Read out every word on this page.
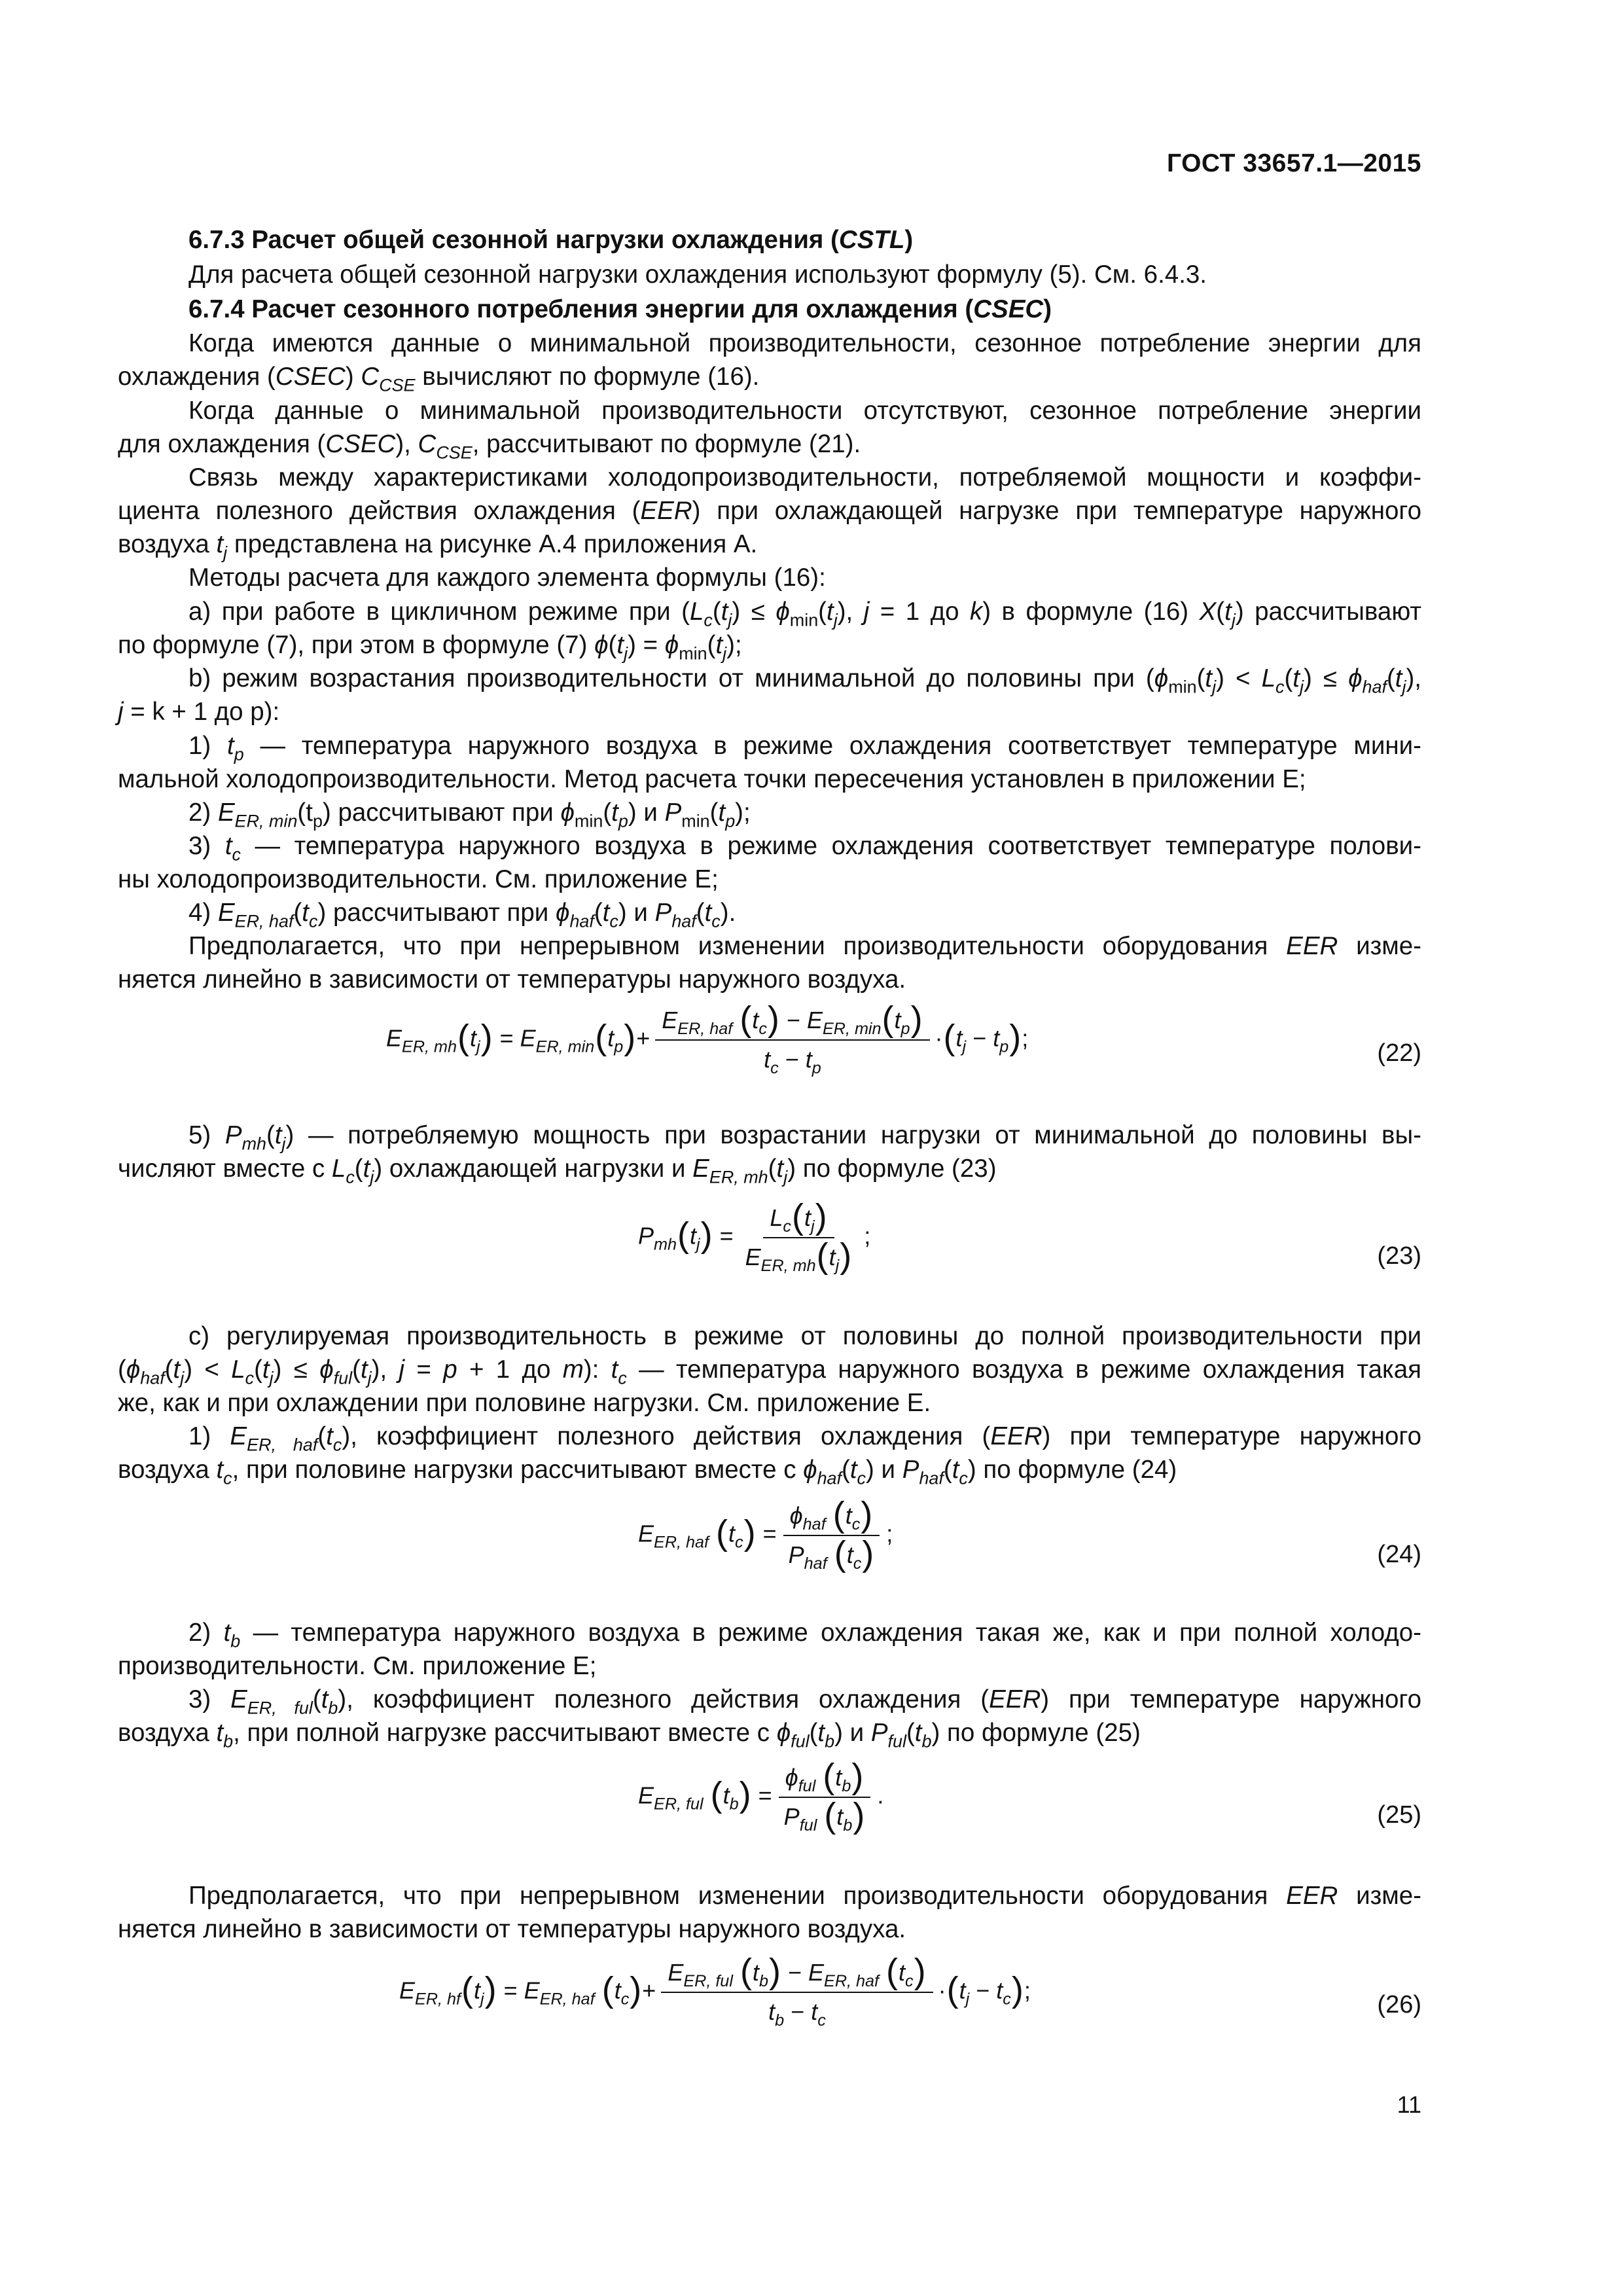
ГОСТ 33657.1—2015
6.7.3 Расчет общей сезонной нагрузки охлаждения (CSTL)
Для расчета общей сезонной нагрузки охлаждения используют формулу (5). См. 6.4.3.
6.7.4 Расчет сезонного потребления энергии для охлаждения (CSEC)
Когда имеются данные о минимальной производительности, сезонное потребление энергии для
охлаждения (CSEC) $C_{CSE}$ вычисляют по формуле (16).
Когда данные о минимальной производительности отсутствуют, сезонное потребление энергии
для охлаждения (CSEC), $C_{CSE}$, рассчитывают по формуле (21).
Связь между характеристиками холодопроизводительности, потребляемой мощности и коэффи-
циента полезного действия охлаждения (EER) при охлаждающей нагрузке при температуре наружного
воздуха $t_j$ представлена на рисунке А.4 приложения А.
Методы расчета для каждого элемента формулы (16):
а) при работе в цикличном режиме при ($L_c(t_j) \le \phi_{min}(t_j)$, j = 1 до k) в формуле (16) $X(t_j)$ рассчитывают
по формуле (7), при этом в формуле (7) $\phi(t_j) = \phi_{min}(t_j)$;
b) режим возрастания производительности от минимальной до половины при ($\phi_{min}(t_j) < L_c(t_j) \le \phi_{haf}(t_j)$,
j = k + 1 до p):
1) $t_p$ — температура наружного воздуха в режиме охлаждения соответствует температуре мини-
мальной холодопроизводительности. Метод расчета точки пересечения установлен в приложении Е;
2) $E_{ER, min}(t_p)$ рассчитывают при $\phi_{min}(t_p)$ и $P_{min}(t_p)$;
3) $t_c$ — температура наружного воздуха в режиме охлаждения соответствует температуре полови-
ны холодопроизводительности. См. приложение Е;
4) $E_{ER, haf}(t_c)$ рассчитывают при $\phi_{haf}(t_c)$ и $P_{haf}(t_c)$.
Предполагается, что при непрерывном изменении производительности оборудования EER изме-
няется линейно в зависимости от температуры наружного воздуха.
$E_{ER, mh}(t_j) = E_{ER, min}(t_p)+ \frac{E_{ER, haf} (t_c) - E_{ER, min}(t_p)}{t_c - t_p} \cdot(t_j - t_p)$;
(22)
5) $P_{mh}(t_j)$ — потребляемую мощность при возрастании нагрузки от минимальной до половины вы-
числяют вместе с $L_c(t_j)$ охлаждающей нагрузки и $E_{ER, mh}(t_j)$ по формуле (23)
$P_{mh}(t_j) = \frac{L_c(t_j)}{E_{ER, mh}(t_j)}$ ;
(23)
c) регулируемая производительность в режиме от половины до полной производительности при
($\phi_{haf}(t_j) < L_c(t_j) \le \phi_{ful}(t_j)$, j = p + 1 до m): $t_c$ — температура наружного воздуха в режиме охлаждения такая
же, как и при охлаждении при половине нагрузки. См. приложение Е.
1) $E_{ER, haf}(t_c)$, коэффициент полезного действия охлаждения (EER) при температуре наружного
воздуха $t_c$, при половине нагрузки рассчитывают вместе с $\phi_{haf}(t_c)$ и $P_{haf}(t_c)$ по формуле (24)
$E_{ER, haf}$ $(t_c) = \frac{\phi_{haf} (t_c)}{P_{haf} (t_c)}$ ;
(24)
2) $t_b$ — температура наружного воздуха в режиме охлаждения такая же, как и при полной холодо-
производительности. См. приложение Е;
3) $E_{ER, ful}(t_b)$, коэффициент полезного действия охлаждения (EER) при температуре наружного
воздуха $t_b$, при полной нагрузке рассчитывают вместе с $\phi_{ful}(t_b)$ и $P_{ful}(t_b)$ по формуле (25)
$E_{ER, ful}$ $(t_b) = \frac{\phi_{ful} (t_b)}{P_{ful} (t_b)}$ .
(25)
Предполагается, что при непрерывном изменении производительности оборудования EER изме-
няется линейно в зависимости от температуры наружного воздуха.
$E_{ER, hf}(t_j) = E_{ER, haf}$ $(t_c)+ \frac{E_{ER, ful} (t_b) - E_{ER, haf} (t_c)}{t_b - t_c} \cdot(t_j - t_c)$;
(26)
11
